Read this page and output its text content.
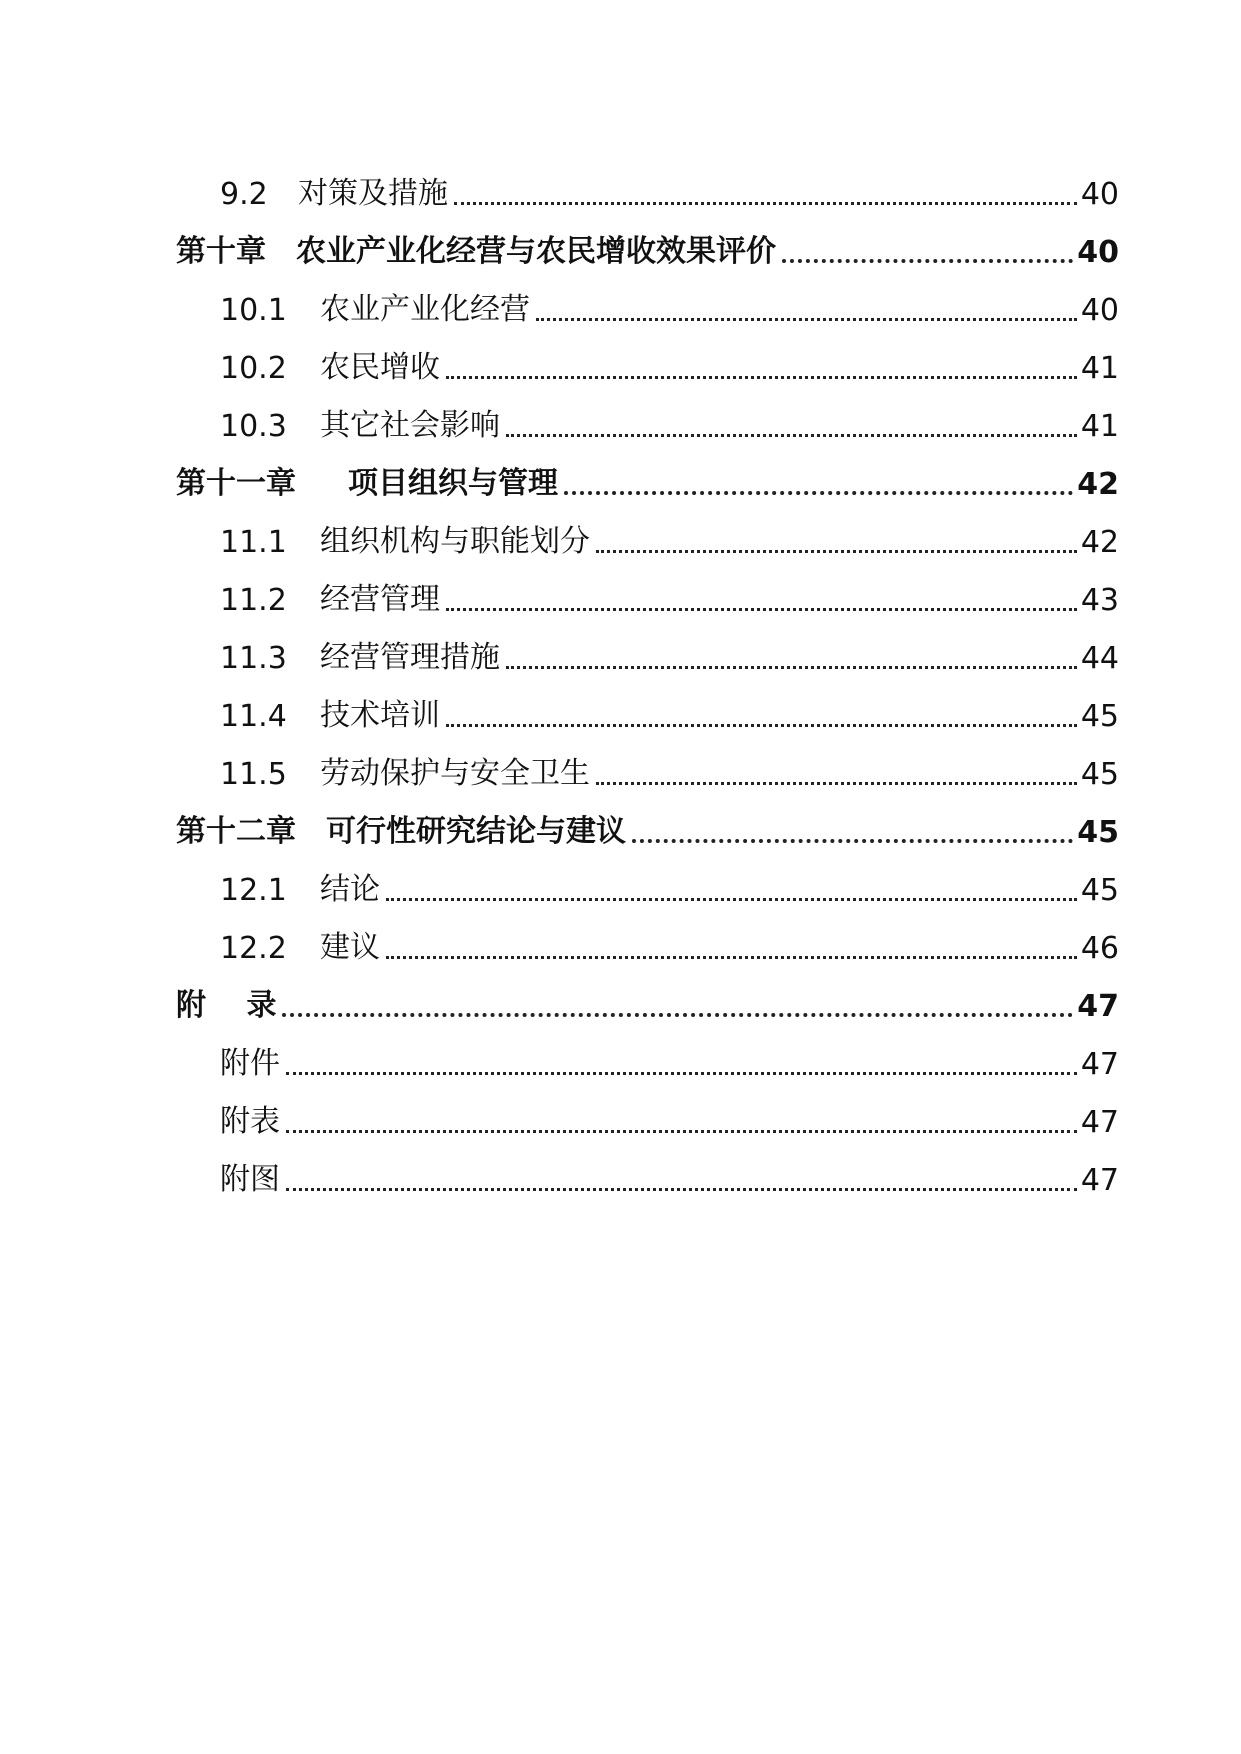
9.2	对策及措施	40
第十章 农业产业化经营与农民增收效果评价	40
10.1	农业产业化经营	40
10.2	农民增收	41
10.3	其它社会影响	41
第十一章 项目组织与管理	42
11.1	组织机构与职能划分	42
11.2	经营管理	43
11.3	经营管理措施	44
11.4	技术培训	45
11.5	劳动保护与安全卫生	45
第十二章 可行性研究结论与建议	45
12.1	结论	45
12.2	建议	46
附 录	47
附件	47
附表	47
附图	47
